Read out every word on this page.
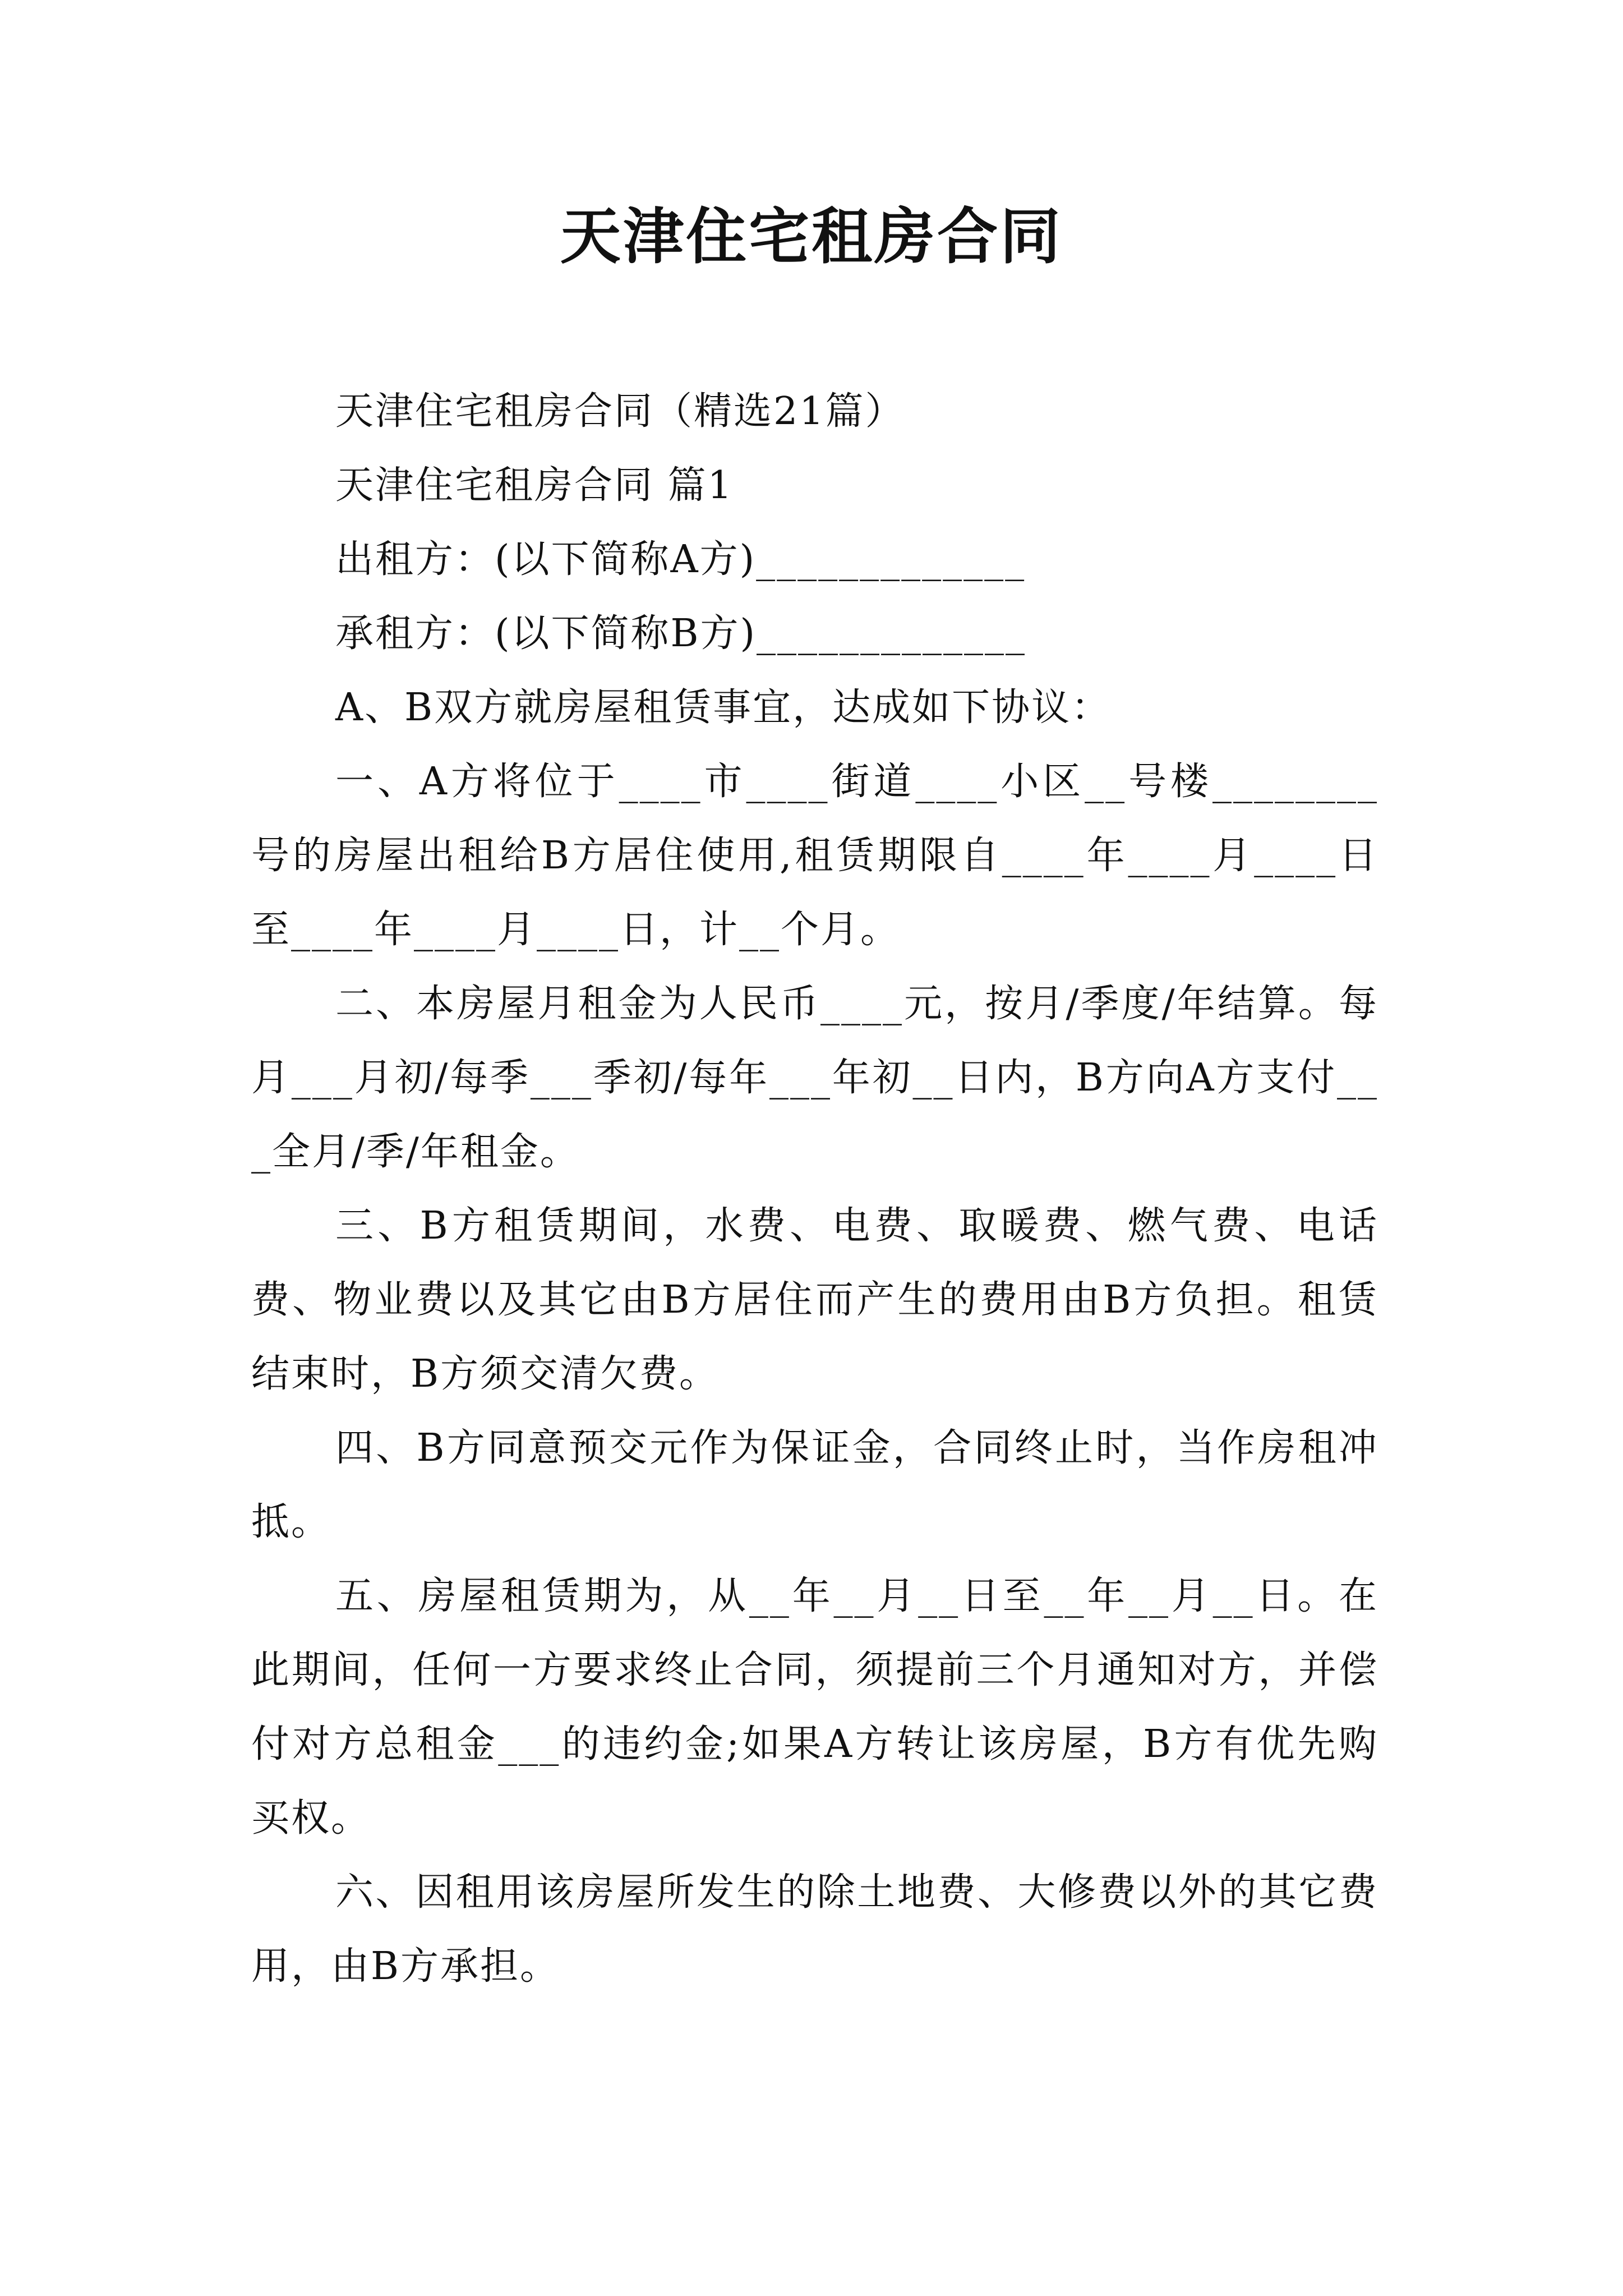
天津住宅租房合同

天津住宅租房合同（精选21篇）

天津住宅租房合同 篇1

出租方：(以下简称A方)_____________

承租方：(以下简称B方)_____________

A、B双方就房屋租赁事宜，达成如下协议：

一、A方将位于____市____街道____小区__号楼________号的房屋出租给B方居住使用,租赁期限自____年____月____日至____年____月____日，计__个月。

二、本房屋月租金为人民币____元，按月/季度/年结算。每月___月初/每季___季初/每年___年初__日内，B方向A方支付___全月/季/年租金。

三、B方租赁期间，水费、电费、取暖费、燃气费、电话费、物业费以及其它由B方居住而产生的费用由B方负担。租赁结束时，B方须交清欠费。

四、B方同意预交元作为保证金，合同终止时，当作房租冲抵。

五、房屋租赁期为，从__年__月__日至__年__月__日。在此期间，任何一方要求终止合同，须提前三个月通知对方，并偿付对方总租金___的违约金;如果A方转让该房屋，B方有优先购买权。

六、因租用该房屋所发生的除土地费、大修费以外的其它费用，由B方承担。
